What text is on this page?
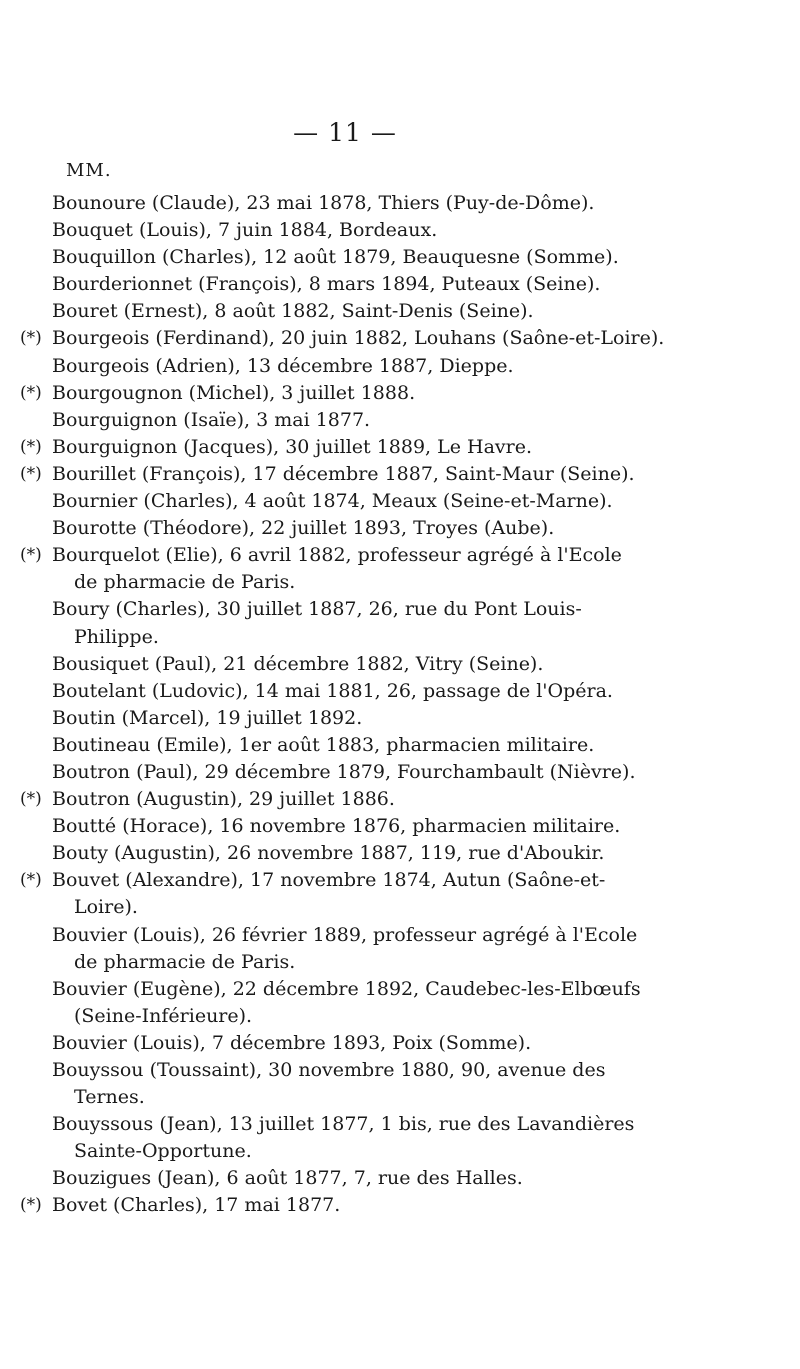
— 11 —
MM.
Bounoure (Claude), 23 mai 1878, Thiers (Puy-de-Dôme).
Bouquet (Louis), 7 juin 1884, Bordeaux.
Bouquillon (Charles), 12 août 1879, Beauquesne (Somme).
Bourderionnet (François), 8 mars 1894, Puteaux (Seine).
Bouret (Ernest), 8 août 1882, Saint-Denis (Seine).
(*) Bourgeois (Ferdinand), 20 juin 1882, Louhans (Saône-et-Loire).
Bourgeois (Adrien), 13 décembre 1887, Dieppe.
(*) Bourgougnon (Michel), 3 juillet 1888.
Bourguignon (Isaïe), 3 mai 1877.
(*) Bourguignon (Jacques), 30 juillet 1889, Le Havre.
(*) Bourillet (François), 17 décembre 1887, Saint-Maur (Seine).
Bournier (Charles), 4 août 1874, Meaux (Seine-et-Marne).
Bourotte (Théodore), 22 juillet 1893, Troyes (Aube).
(*) Bourquelot (Elie), 6 avril 1882, professeur agrégé à l'Ecole
de pharmacie de Paris.
Boury (Charles), 30 juillet 1887, 26, rue du Pont Louis-
Philippe.
Bousiquet (Paul), 21 décembre 1882, Vitry (Seine).
Boutelant (Ludovic), 14 mai 1881, 26, passage de l'Opéra.
Boutin (Marcel), 19 juillet 1892.
Boutineau (Emile), 1er août 1883, pharmacien militaire.
Boutron (Paul), 29 décembre 1879, Fourchambault (Nièvre).
(*) Boutron (Augustin), 29 juillet 1886.
Boutté (Horace), 16 novembre 1876, pharmacien militaire.
Bouty (Augustin), 26 novembre 1887, 119, rue d'Aboukir.
(*) Bouvet (Alexandre), 17 novembre 1874, Autun (Saône-et-
Loire).
Bouvier (Louis), 26 février 1889, professeur agrégé à l'Ecole
de pharmacie de Paris.
Bouvier (Eugène), 22 décembre 1892, Caudebec-les-Elbœufs
(Seine-Inférieure).
Bouvier (Louis), 7 décembre 1893, Poix (Somme).
Bouyssou (Toussaint), 30 novembre 1880, 90, avenue des
Ternes.
Bouyssous (Jean), 13 juillet 1877, 1 bis, rue des Lavandières
Sainte-Opportune.
Bouzigues (Jean), 6 août 1877, 7, rue des Halles.
(*) Bovet (Charles), 17 mai 1877.
